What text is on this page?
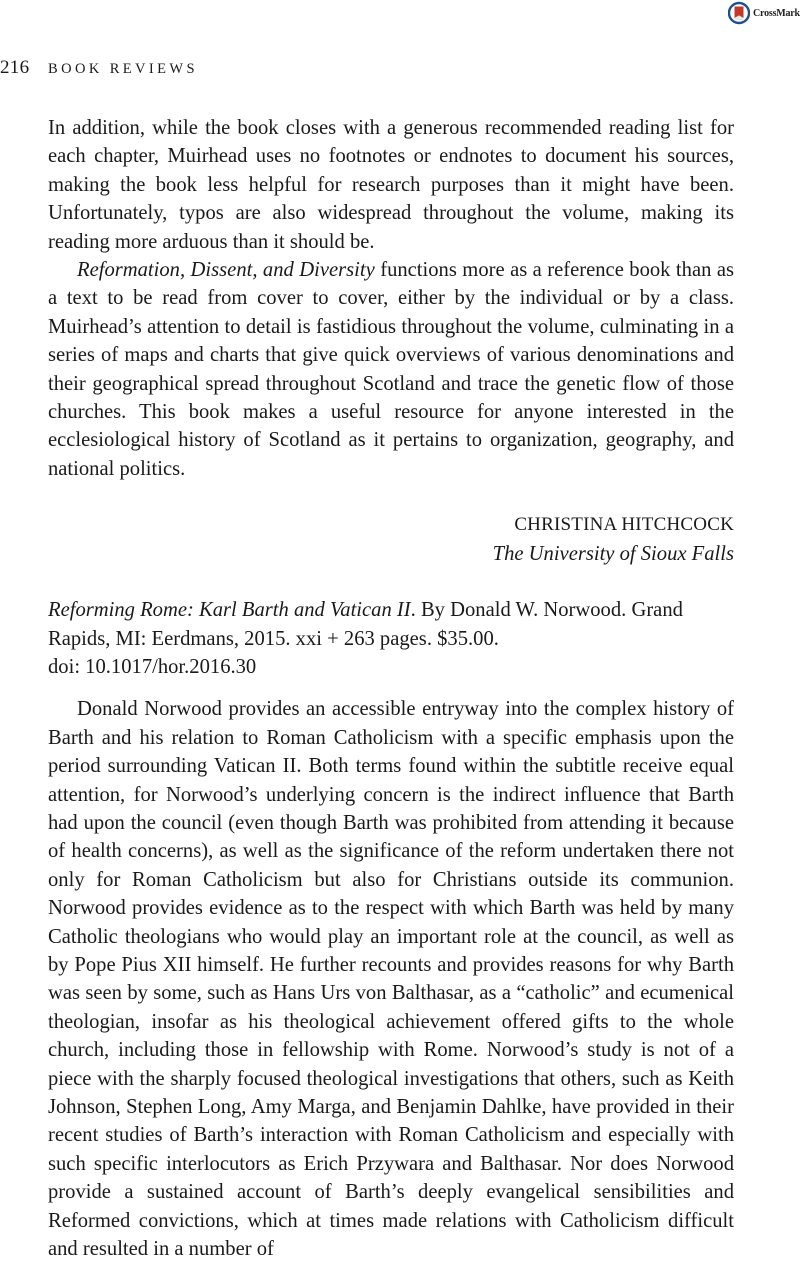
CrossMark
216	BOOK REVIEWS

In addition, while the book closes with a generous recommended reading list for each chapter, Muirhead uses no footnotes or endnotes to document his sources, making the book less helpful for research purposes than it might have been. Unfortunately, typos are also widespread throughout the volume, making its reading more arduous than it should be.

Reformation, Dissent, and Diversity functions more as a reference book than as a text to be read from cover to cover, either by the individual or by a class. Muirhead’s attention to detail is fastidious throughout the volume, culminating in a series of maps and charts that give quick overviews of various denominations and their geographical spread throughout Scotland and trace the genetic flow of those churches. This book makes a useful resource for anyone interested in the ecclesiological history of Scotland as it pertains to organization, geography, and national politics.

CHRISTINA HITCHCOCK
The University of Sioux Falls
Reforming Rome: Karl Barth and Vatican II. By Donald W. Norwood. Grand Rapids, MI: Eerdmans, 2015. xxi + 263 pages. $35.00.
doi: 10.1017/hor.2016.30

Donald Norwood provides an accessible entryway into the complex history of Barth and his relation to Roman Catholicism with a specific emphasis upon the period surrounding Vatican II. Both terms found within the subtitle receive equal attention, for Norwood’s underlying concern is the indirect influence that Barth had upon the council (even though Barth was prohibited from attending it because of health concerns), as well as the significance of the reform undertaken there not only for Roman Catholicism but also for Christians outside its communion. Norwood provides evidence as to the respect with which Barth was held by many Catholic theologians who would play an important role at the council, as well as by Pope Pius XII himself. He further recounts and provides reasons for why Barth was seen by some, such as Hans Urs von Balthasar, as a “catholic” and ecumenical theologian, insofar as his theological achievement offered gifts to the whole church, including those in fellowship with Rome. Norwood’s study is not of a piece with the sharply focused theological investigations that others, such as Keith Johnson, Stephen Long, Amy Marga, and Benjamin Dahlke, have provided in their recent studies of Barth’s interaction with Roman Catholicism and especially with such specific interlocutors as Erich Przywara and Balthasar. Nor does Norwood provide a sustained account of Barth’s deeply evangelical sensibilities and Reformed convictions, which at times made relations with Catholicism difficult and resulted in a number of
